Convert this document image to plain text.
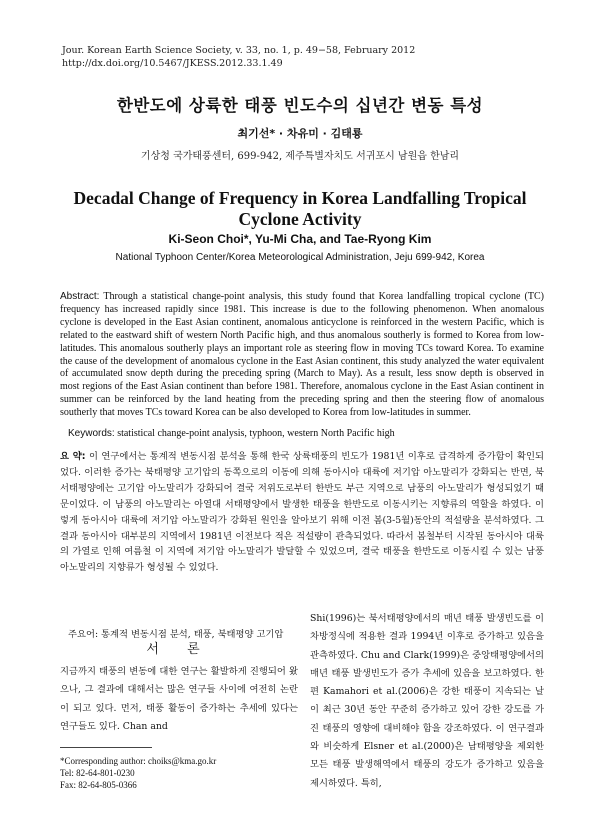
Jour. Korean Earth Science Society, v. 33, no. 1, p. 49−58, February 2012
http://dx.doi.org/10.5467/JKESS.2012.33.1.49
한반도에 상륙한 태풍 빈도수의 십년간 변동 특성
최기선* · 차유미 · 김태룡
기상청 국가태풍센터, 699-942, 제주특별자치도 서귀포시 남원읍 한남리
Decadal Change of Frequency in Korea Landfalling Tropical Cyclone Activity
Ki-Seon Choi*, Yu-Mi Cha, and Tae-Ryong Kim
National Typhoon Center/Korea Meteorological Administration, Jeju 699-942, Korea
Abstract: Through a statistical change-point analysis, this study found that Korea landfalling tropical cyclone (TC) frequency has increased rapidly since 1981. This increase is due to the following phenomenon. When anomalous cyclone is developed in the East Asian continent, anomalous anticyclone is reinforced in the western Pacific, which is related to the eastward shift of western North Pacific high, and thus anomalous southerly is formed to Korea from low-latitudes. This anomalous southerly plays an important role as steering flow in moving TCs toward Korea. To examine the cause of the development of anomalous cyclone in the East Asian continent, this study analyzed the water equivalent of accumulated snow depth during the preceding spring (March to May). As a result, less snow depth is observed in most regions of the East Asian continent than before 1981. Therefore, anomalous cyclone in the East Asian continent in summer can be reinforced by the land heating from the preceding spring and then the steering flow of anomalous southerly that moves TCs toward Korea can be also developed to Korea from low-latitudes in summer.
Keywords: statistical change-point analysis, typhoon, western North Pacific high
요 약: 이 연구에서는 통계적 변동시점 분석을 통해 한국 상륙태풍의 빈도가 1981년 이후로 급격하게 증가함이 확인되었다. 이러한 증가는 북태평양 고기압의 동쪽으로의 이동에 의해 동아시아 대륙에 저기압 아노말리가 강화되는 반면, 북서태평양에는 고기압 아노말리가 강화되어 결국 저위도로부터 한반도 부근 지역으로 남풍의 아노말리가 형성되었기 때문이었다. 이 남풍의 아노말리는 아열대 서태평양에서 발생한 태풍을 한반도로 이동시키는 지향류의 역할을 하였다. 이렇게 동아시아 대륙에 저기압 아노말리가 강화된 원인을 알아보기 위해 이전 봄(3-5월)동안의 적설량을 분석하였다. 그 결과 동아시아 대부분의 지역에서 1981년 이전보다 적은 적설량이 관측되었다. 따라서 봄철부터 시작된 동아시아 대륙의 가열로 인해 여름철 이 지역에 저기압 아노말리가 발달할 수 있었으며, 결국 태풍을 한반도로 이동시킬 수 있는 남풍 아노말리의 지향류가 형성될 수 있었다.
주요어: 통계적 변동시점 분석, 태풍, 북태평양 고기압
서 론
지금까지 태풍의 변동에 대한 연구는 활발하게 진행되어 왔으나, 그 결과에 대해서는 많은 연구들 사이에 여전히 논란이 되고 있다. 먼저, 태풍 활동이 증가하는 추세에 있다는 연구들도 있다. Chan and
Shi(1996)는 북서태평양에서의 매년 태풍 발생빈도를 이차방정식에 적용한 결과 1994년 이후로 증가하고 있음을 관측하였다. Chu and Clark(1999)은 중앙태평양에서의 매년 태풍 발생빈도가 증가 추세에 있음을 보고하였다. 한편 Kamahori et al.(2006)은 강한 태풍이 지속되는 날이 최근 30년 동안 꾸준히 증가하고 있어 강한 강도를 가진 태풍의 영향에 대비해야 함을 강조하였다. 이 연구결과와 비슷하게 Elsner et al.(2000)은 남태평양을 제외한 모든 태풍 발생해역에서 태풍의 강도가 증가하고 있음을 제시하였다. 특히,
*Corresponding author: choiks@kma.go.kr
Tel: 82-64-801-0230
Fax: 82-64-805-0366
